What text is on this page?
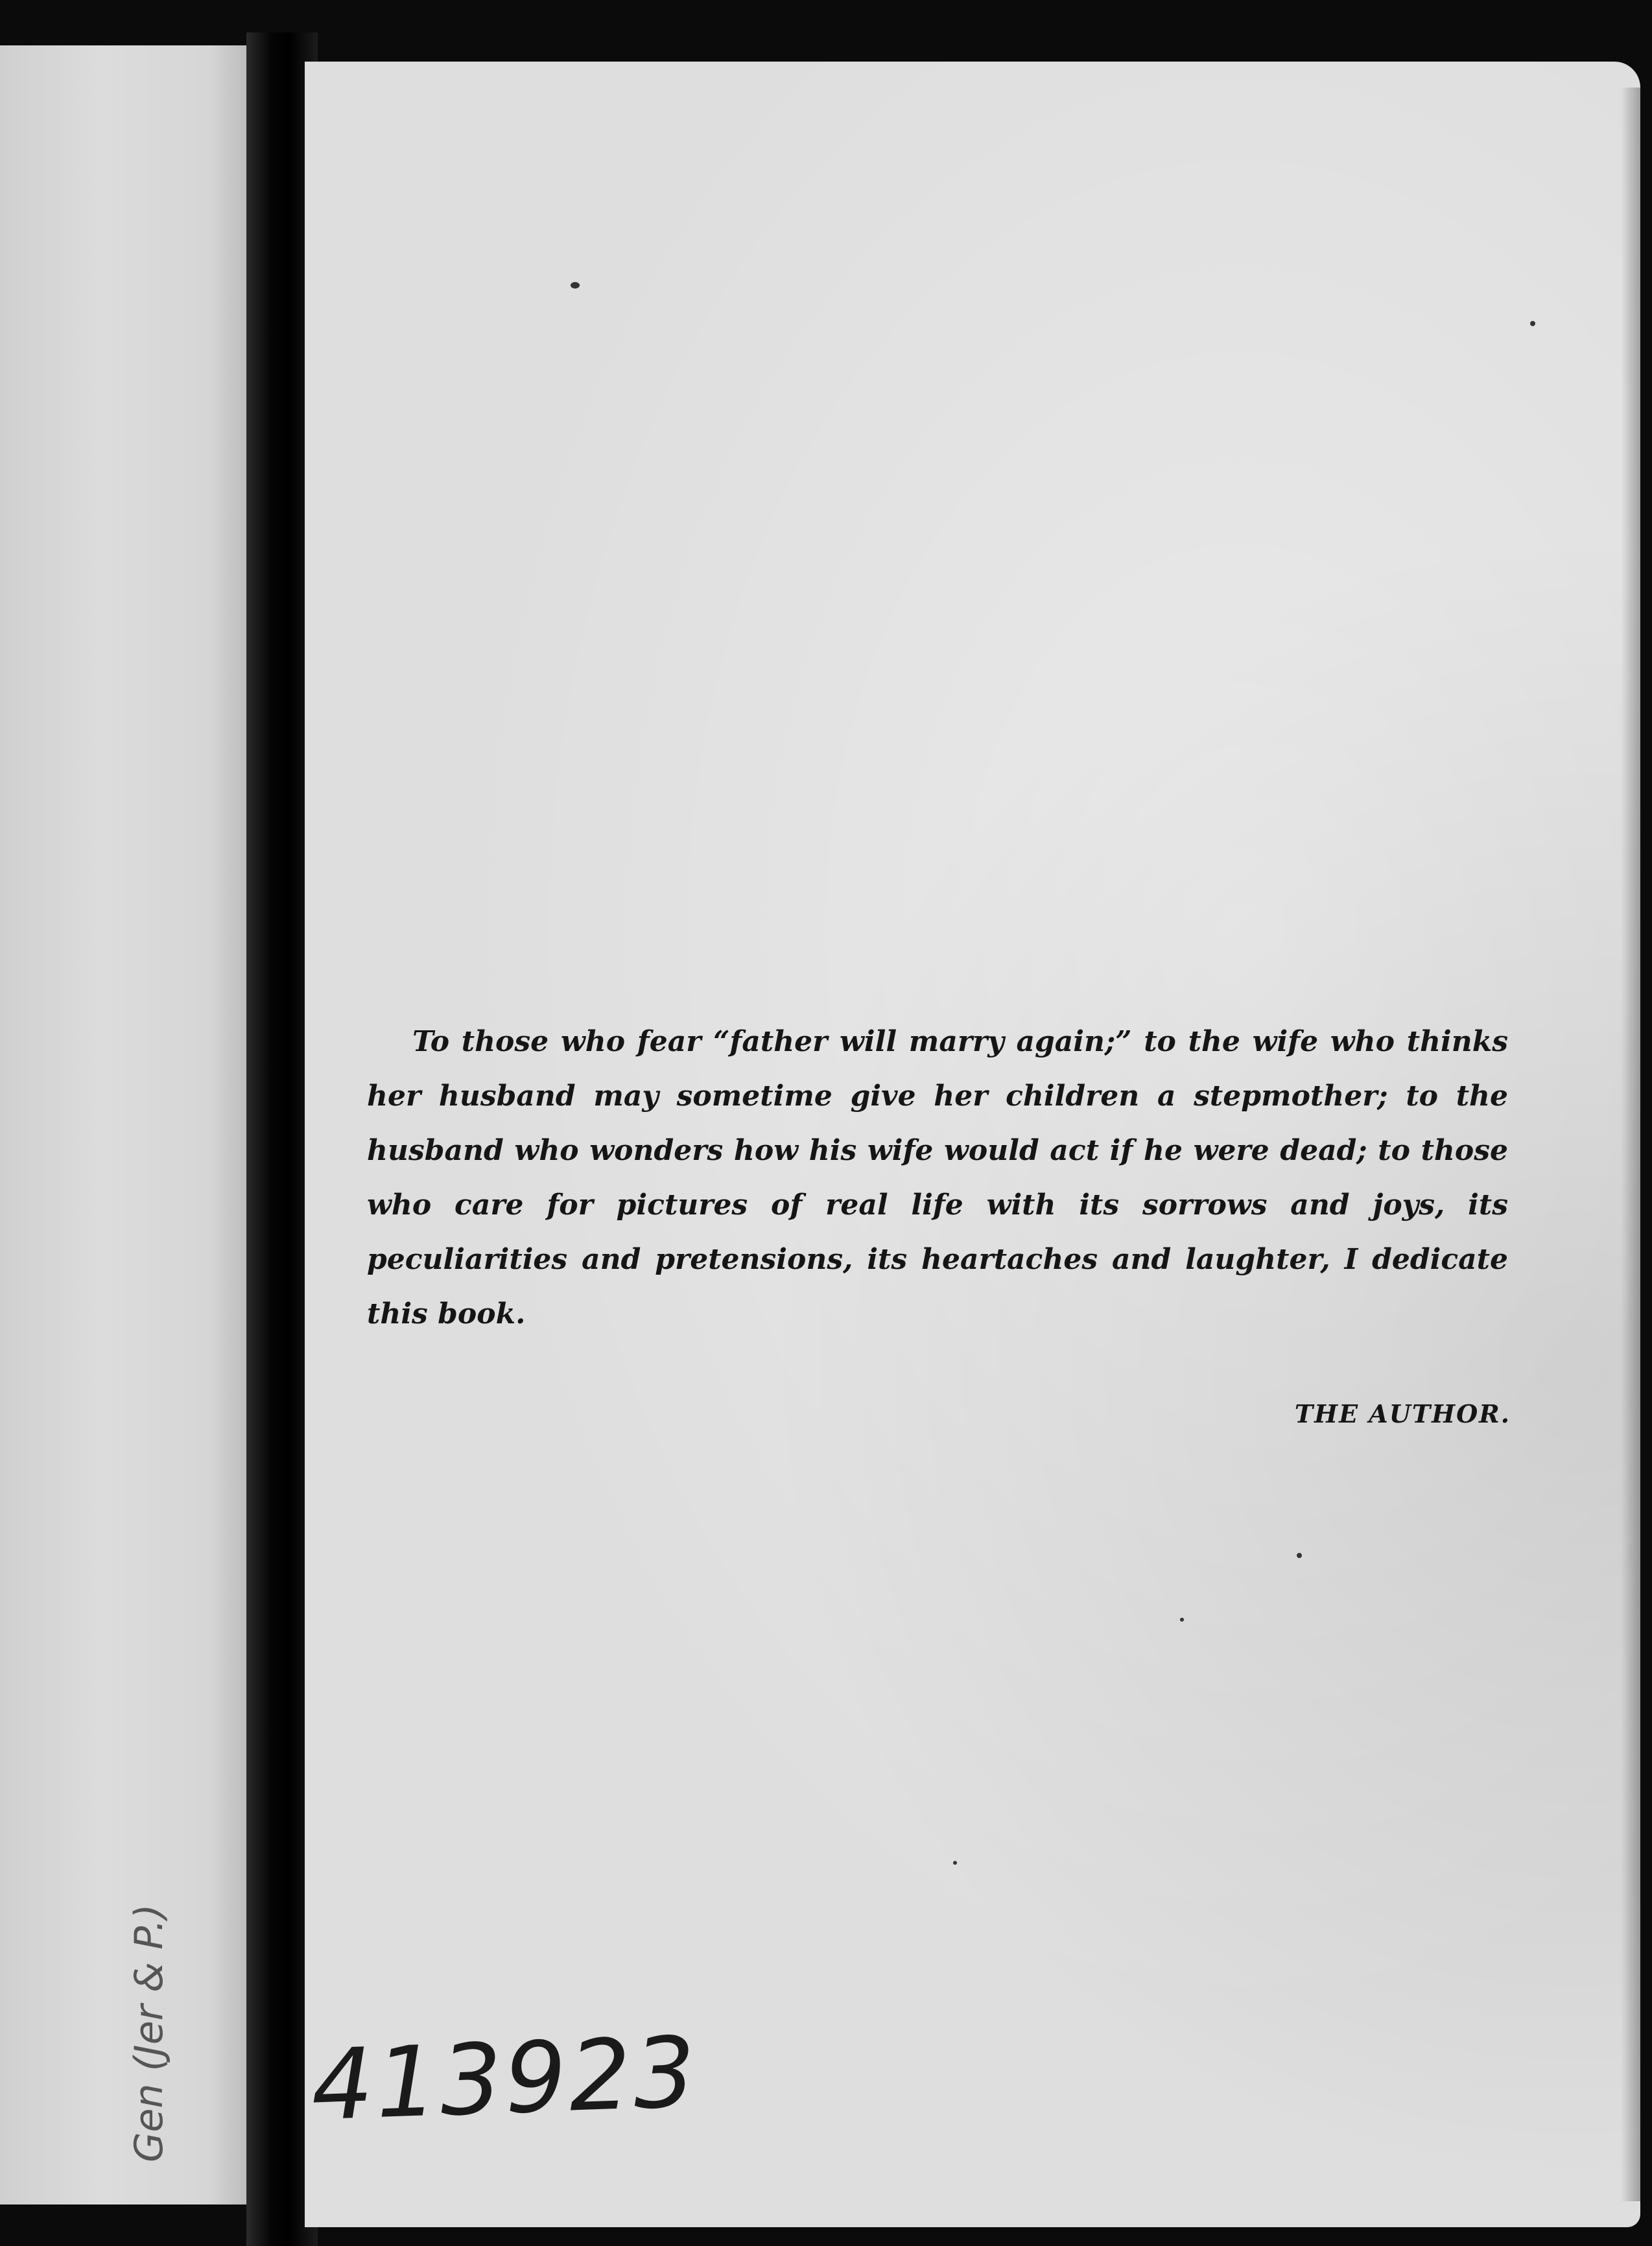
To those who fear “father will marry again;” to the wife who thinks her husband may sometime give her children a stepmother; to the husband who wonders how his wife would act if he were dead; to those who care for pictures of real life with its sorrows and joys, its peculiarities and pretensions, its heartaches and laughter, I dedicate this book.

THE AUTHOR.
413923
Gen (Jer & P.)
